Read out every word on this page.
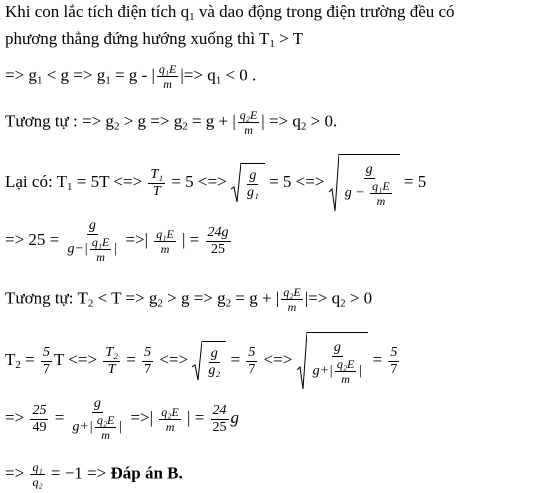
Khi con lắc tích điện tích $q_1$ và dao động trong điện trường đều có
phương thẳng đứng hướng xuống thì $T_1 > T$
=> $g_1 < g => g_1 = g$ - | $\frac{\text{q₁E}}{m}$ |=> $q_1 < 0$ .
Tương tự : => $g_2 > g => g_2 = g$ + | $\frac{\text{q₂E}}{m}$ | => $q_2 > 0$.
Lại có: $T_1 = 5T$ <=> $\frac{\text{T₁}}{T} = 5$ <=> $\frac{g}{\text{g₁}} = 5$ <=> $\frac{g}{g - \frac{\text{q₁E}}{m}} = 5$
=> $25 = \frac{g}{g-| \frac{\text{q₁E}}{m} |}$ =>| $\frac{\text{q₁E}}{m}$ | = $\frac{24g}{25}$
Tương tự: $T_2 < T => g_2 > g => g_2 = g$ + | $\frac{\text{q₂E}}{m}$ |=> $q_2 > 0$
$T_2 = \frac{5}{7}$ T <=> $\frac{\text{T₂}}{T} = \frac{5}{7}$ <=> $\frac{g}{\text{g₂}} = \frac{5}{7}$ <=> $\frac{g}{g+| \frac{\text{q₂E}}{m} |} = \frac{5}{7}$
=> $\frac{25}{49} = \frac{g}{g+| \frac{\text{q₂E}}{m} |}$ =>| $\frac{\text{q₂E}}{m}$ | = $\frac{24}{25}$ g
=> $\frac{\text{q₁}}{\text{q₂}} = -1$ => Đáp án B.
